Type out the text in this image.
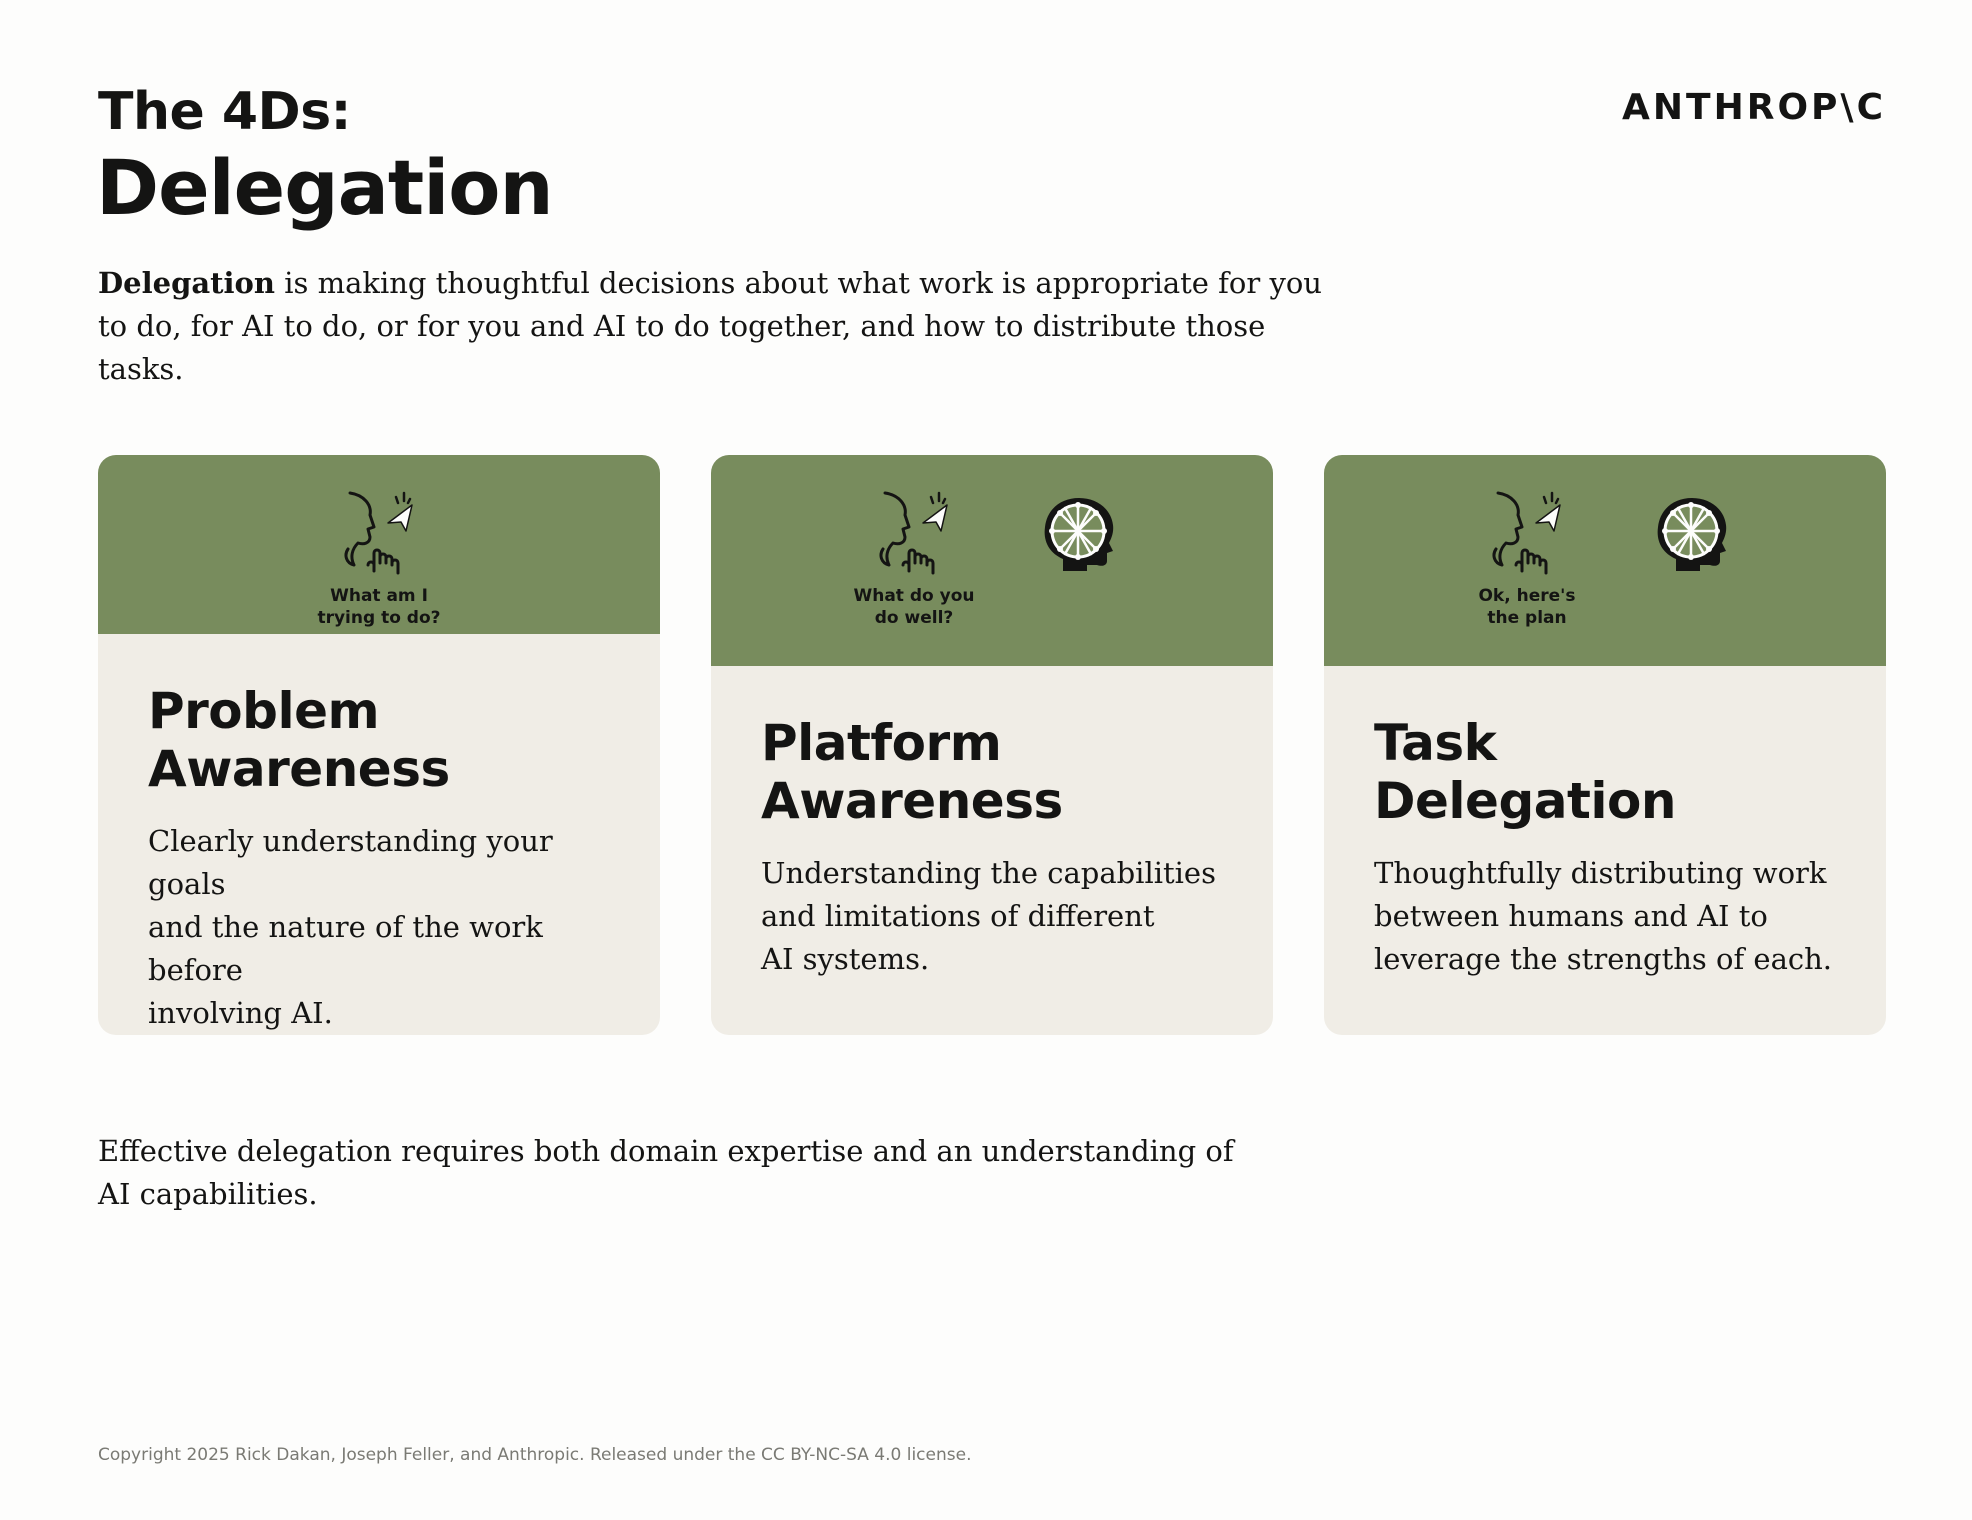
The 4Ds:
Delegation
ANTHROP\C

Delegation is making thoughtful decisions about what work is appropriate for you to do, for AI to do, or for you and AI to do together, and how to distribute those tasks.

What am I
trying to do?
Problem
Awareness

Clearly understanding your goals
and the nature of the work before
involving AI.

What do you
do well?
Platform
Awareness

Understanding the capabilities
and limitations of different
AI systems.

Ok, here's
the plan
Task
Delegation

Thoughtfully distributing work
between humans and AI to
leverage the strengths of each.

Effective delegation requires both domain expertise and an understanding of AI capabilities.

Copyright 2025 Rick Dakan, Joseph Feller, and Anthropic. Released under the CC BY-NC-SA 4.0 license.
